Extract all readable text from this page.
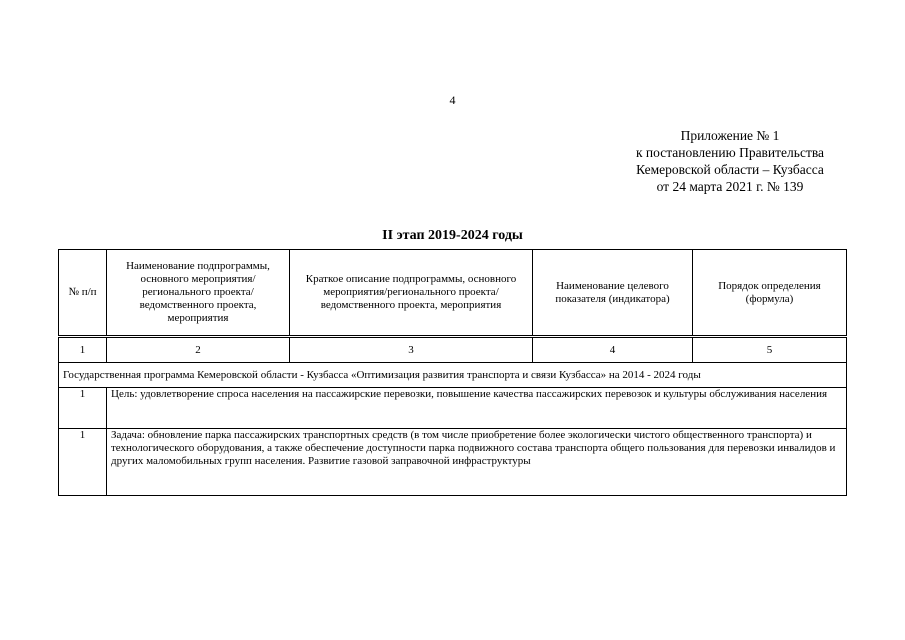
4
Приложение № 1
к постановлению Правительства
Кемеровской области – Кузбасса
от 24 марта 2021 г. № 139
II этап 2019-2024 годы
№ п/п	Наименование подпрограммы, основного мероприятия/регионального проекта/ведомственного проекта, мероприятия	Краткое описание подпрограммы, основного мероприятия/регионального проекта/ведомственного проекта, мероприятия	Наименование целевого показателя (индикатора)	Порядок определения (формула)
1	2	3	4	5
Государственная программа Кемеровской области - Кузбасса «Оптимизация развития транспорта и связи Кузбасса» на 2014 - 2024 годы				
1	Цель: удовлетворение спроса населения на пассажирские перевозки, повышение качества пассажирских перевозок и культуры обслуживания населения			
1	Задача: обновление парка пассажирских транспортных средств (в том числе приобретение более экологически чистого общественного транспорта) и технологического оборудования, а также обеспечение доступности парка подвижного состава транспорта общего пользования для перевозки инвалидов и других маломобильных групп населения. Развитие газовой заправочной инфраструктуры			
